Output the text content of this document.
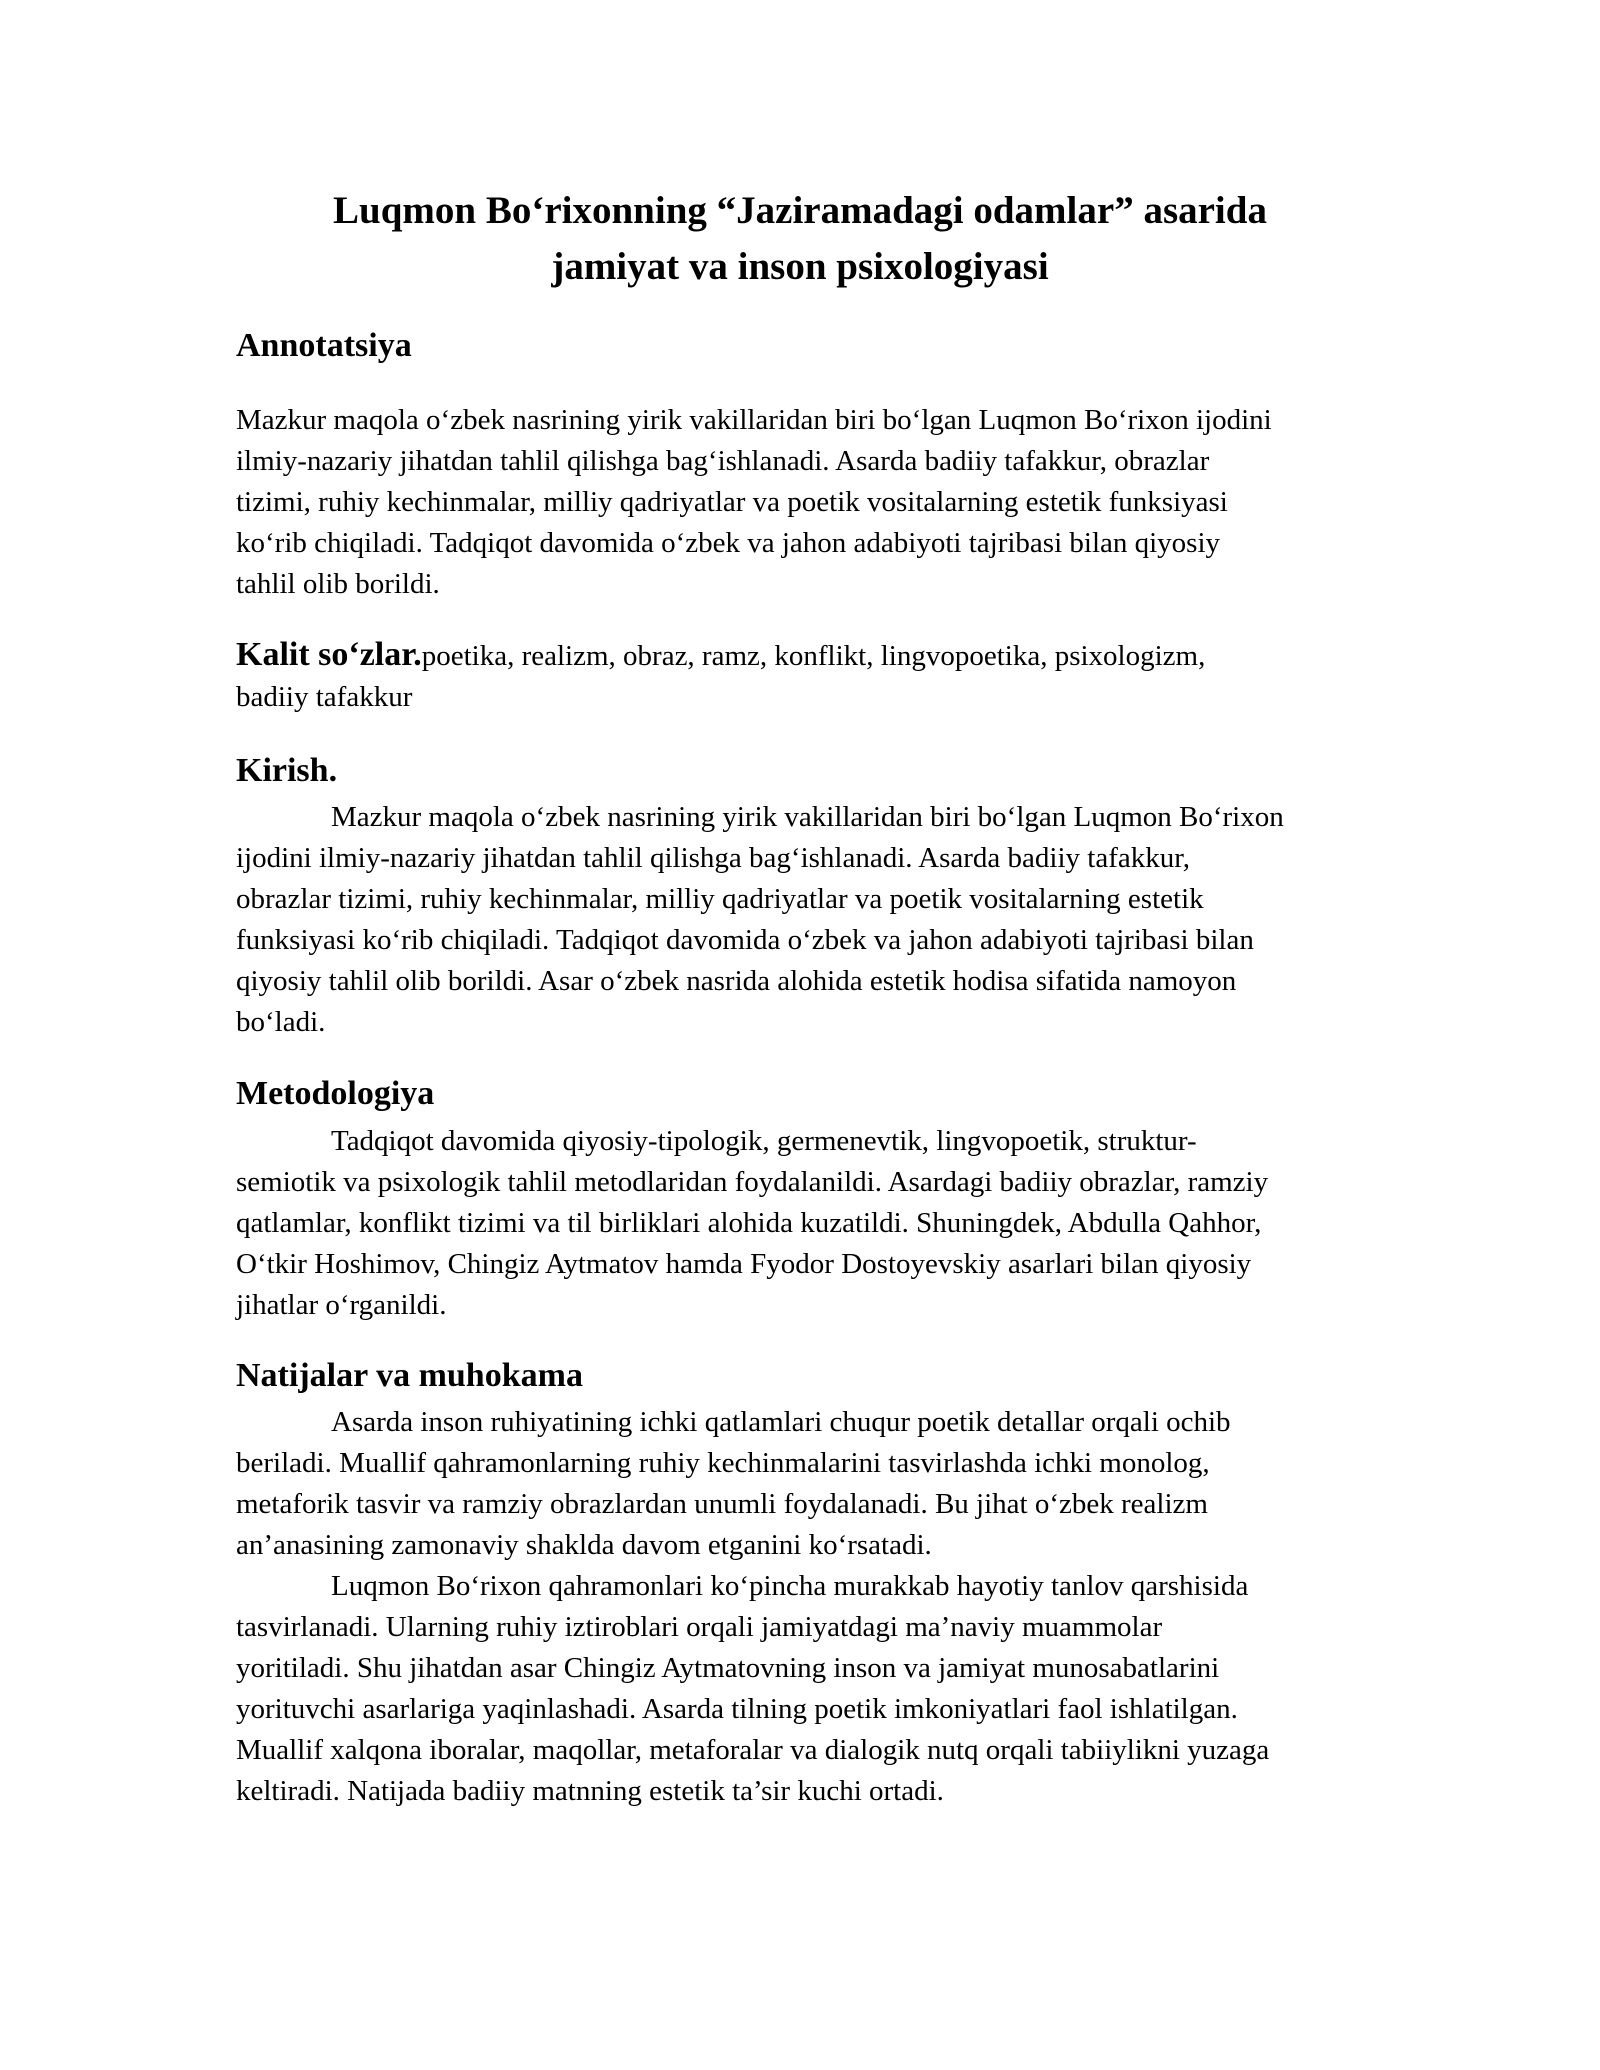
Luqmon Boʻrixonning “Jaziramadagi odamlar” asarida
jamiyat va inson psixologiyasi
Annotatsiya

Mazkur maqola oʻzbek nasrining yirik vakillaridan biri boʻlgan Luqmon Boʻrixon ijodini
ilmiy-nazariy jihatdan tahlil qilishga bagʻishlanadi. Asarda badiiy tafakkur, obrazlar
tizimi, ruhiy kechinmalar, milliy qadriyatlar va poetik vositalarning estetik funksiyasi
koʻrib chiqiladi. Tadqiqot davomida oʻzbek va jahon adabiyoti tajribasi bilan qiyosiy
tahlil olib borildi.

Kalit soʻzlar.poetika, realizm, obraz, ramz, konflikt, lingvopoetika, psixologizm,
badiiy tafakkur

Kirish.

Mazkur maqola oʻzbek nasrining yirik vakillaridan biri boʻlgan Luqmon Boʻrixon
ijodini ilmiy-nazariy jihatdan tahlil qilishga bagʻishlanadi. Asarda badiiy tafakkur,
obrazlar tizimi, ruhiy kechinmalar, milliy qadriyatlar va poetik vositalarning estetik
funksiyasi koʻrib chiqiladi. Tadqiqot davomida oʻzbek va jahon adabiyoti tajribasi bilan
qiyosiy tahlil olib borildi. Asar oʻzbek nasrida alohida estetik hodisa sifatida namoyon
boʻladi.

Metodologiya

Tadqiqot davomida qiyosiy-tipologik, germenevtik, lingvopoetik, struktur-
semiotik va psixologik tahlil metodlaridan foydalanildi. Asardagi badiiy obrazlar, ramziy
qatlamlar, konflikt tizimi va til birliklari alohida kuzatildi. Shuningdek, Abdulla Qahhor,
Oʻtkir Hoshimov, Chingiz Aytmatov hamda Fyodor Dostoyevskiy asarlari bilan qiyosiy
jihatlar oʻrganildi.

Natijalar va muhokama

Asarda inson ruhiyatining ichki qatlamlari chuqur poetik detallar orqali ochib
beriladi. Muallif qahramonlarning ruhiy kechinmalarini tasvirlashda ichki monolog,
metaforik tasvir va ramziy obrazlardan unumli foydalanadi. Bu jihat oʻzbek realizm
an’anasining zamonaviy shaklda davom etganini koʻrsatadi.

Luqmon Boʻrixon qahramonlari koʻpincha murakkab hayotiy tanlov qarshisida
tasvirlanadi. Ularning ruhiy iztiroblari orqali jamiyatdagi ma’naviy muammolar
yoritiladi. Shu jihatdan asar Chingiz Aytmatovning inson va jamiyat munosabatlarini
yorituvchi asarlariga yaqinlashadi. Asarda tilning poetik imkoniyatlari faol ishlatilgan.
Muallif xalqona iboralar, maqollar, metaforalar va dialogik nutq orqali tabiiylikni yuzaga
keltiradi. Natijada badiiy matnning estetik ta’sir kuchi ortadi.
